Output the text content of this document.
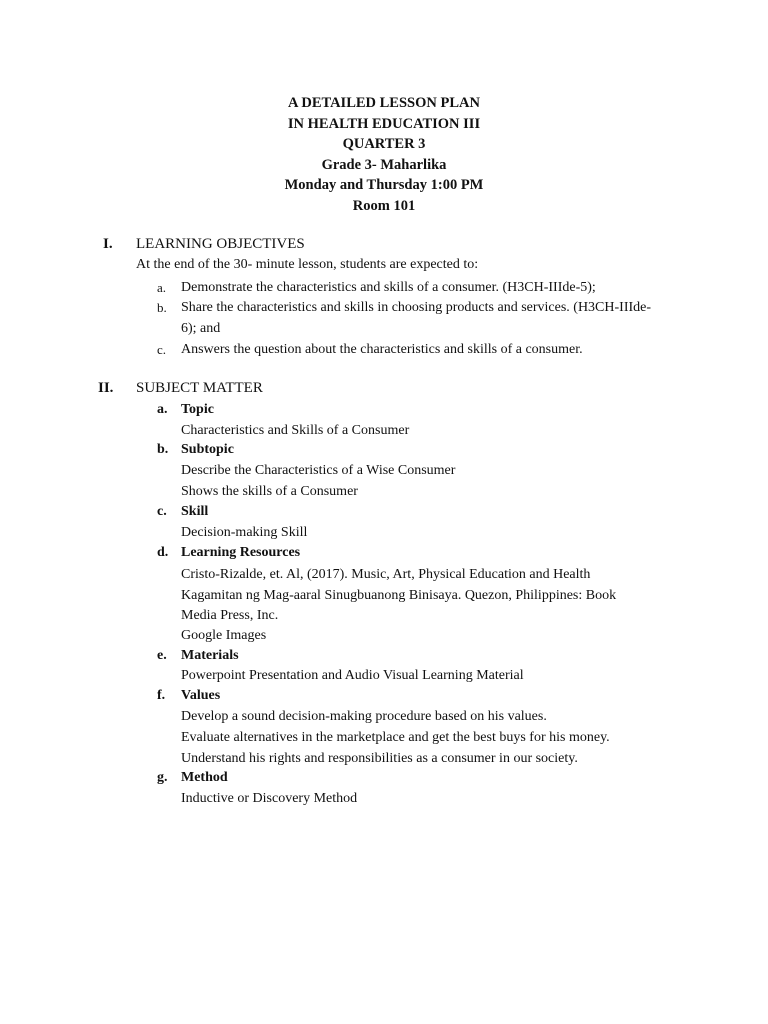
A DETAILED LESSON PLAN
IN HEALTH EDUCATION III
QUARTER 3
Grade 3- Maharlika
Monday and Thursday 1:00 PM
Room 101
I. LEARNING OBJECTIVES
At the end of the 30- minute lesson, students are expected to:
a. Demonstrate the characteristics and skills of a consumer. (H3CH-IIIde-5);
b. Share the characteristics and skills in choosing products and services. (H3CH-IIIde-6); and
c. Answers the question about the characteristics and skills of a consumer.
II. SUBJECT MATTER
a. Topic
Characteristics and Skills of a Consumer
b. Subtopic
Describe the Characteristics of a Wise Consumer
Shows the skills of a Consumer
c. Skill
Decision-making Skill
d. Learning Resources
Cristo-Rizalde, et. Al, (2017). Music, Art, Physical Education and Health Kagamitan ng Mag-aaral Sinugbuanong Binisaya. Quezon, Philippines: Book Media Press, Inc.
Google Images
e. Materials
Powerpoint Presentation and Audio Visual Learning Material
f. Values
Develop a sound decision-making procedure based on his values.
Evaluate alternatives in the marketplace and get the best buys for his money.
Understand his rights and responsibilities as a consumer in our society.
g. Method
Inductive or Discovery Method
